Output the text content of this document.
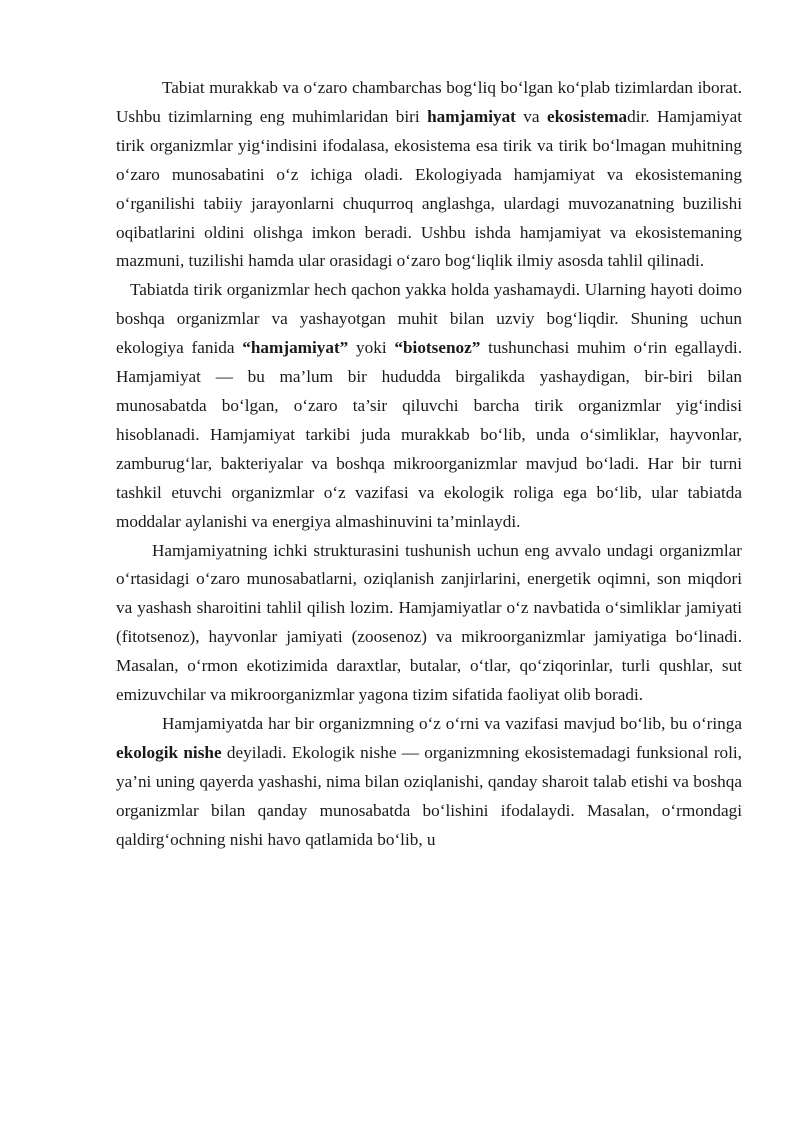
Tabiat murakkab va o‘zaro chambarchas bog‘liq bo‘lgan ko‘plab tizimlardan iborat. Ushbu tizimlarning eng muhimlaridan biri hamjamiyat va ekosistemadir. Hamjamiyat tirik organizmlar yig‘indisini ifodalasa, ekosistema esa tirik va tirik bo‘lmagan muhitning o‘zaro munosabatini o‘z ichiga oladi. Ekologiyada hamjamiyat va ekosistemaning o‘rganilishi tabiiy jarayonlarni chuqurroq anglashga, ulardagi muvozanatning buzilishi oqibatlarini oldini olishga imkon beradi. Ushbu ishda hamjamiyat va ekosistemaning mazmuni, tuzilishi hamda ular orasidagi o‘zaro bog‘liqlik ilmiy asosda tahlil qilinadi.

Tabiatda tirik organizmlar hech qachon yakka holda yashamaydi. Ularning hayoti doimo boshqa organizmlar va yashayotgan muhit bilan uzviy bog‘liqdir. Shuning uchun ekologiya fanida “hamjamiyat” yoki “biotsenoz” tushunchasi muhim o‘rin egallaydi. Hamjamiyat — bu ma’lum bir hududda birgalikda yashaydigan, bir-biri bilan munosabatda bo‘lgan, o‘zaro ta’sir qiluvchi barcha tirik organizmlar yig‘indisi hisoblanadi. Hamjamiyat tarkibi juda murakkab bo‘lib, unda o‘simliklar, hayvonlar, zamburug‘lar, bakteriyalar va boshqa mikroorganizmlar mavjud bo‘ladi. Har bir turni tashkil etuvchi organizmlar o‘z vazifasi va ekologik roliga ega bo‘lib, ular tabiatda moddalar aylanishi va energiya almashinuvini ta’minlaydi.

Hamjamiyatning ichki strukturasini tushunish uchun eng avvalo undagi organizmlar o‘rtasidagi o‘zaro munosabatlarni, oziqlanish zanjirlarini, energetik oqimni, son miqdori va yashash sharoitini tahlil qilish lozim. Hamjamiyatlar o‘z navbatida o‘simliklar jamiyati (fitotsenoz), hayvonlar jamiyati (zoosenoz) va mikroorganizmlar jamiyatiga bo‘linadi. Masalan, o‘rmon ekotizimida daraxtlar, butalar, o‘tlar, qo‘ziqorinlar, turli qushlar, sut emizuvchilar va mikroorganizmlar yagona tizim sifatida faoliyat olib boradi.

Hamjamiyatda har bir organizmning o‘z o‘rni va vazifasi mavjud bo‘lib, bu o‘ringa ekologik nishe deyiladi. Ekologik nishe — organizmning ekosistemadagi funksional roli, ya’ni uning qayerda yashashi, nima bilan oziqlanishi, qanday sharoit talab etishi va boshqa organizmlar bilan qanday munosabatda bo‘lishini ifodalaydi. Masalan, o‘rmondagi qaldirg‘ochning nishi havo qatlamida bo‘lib, u
